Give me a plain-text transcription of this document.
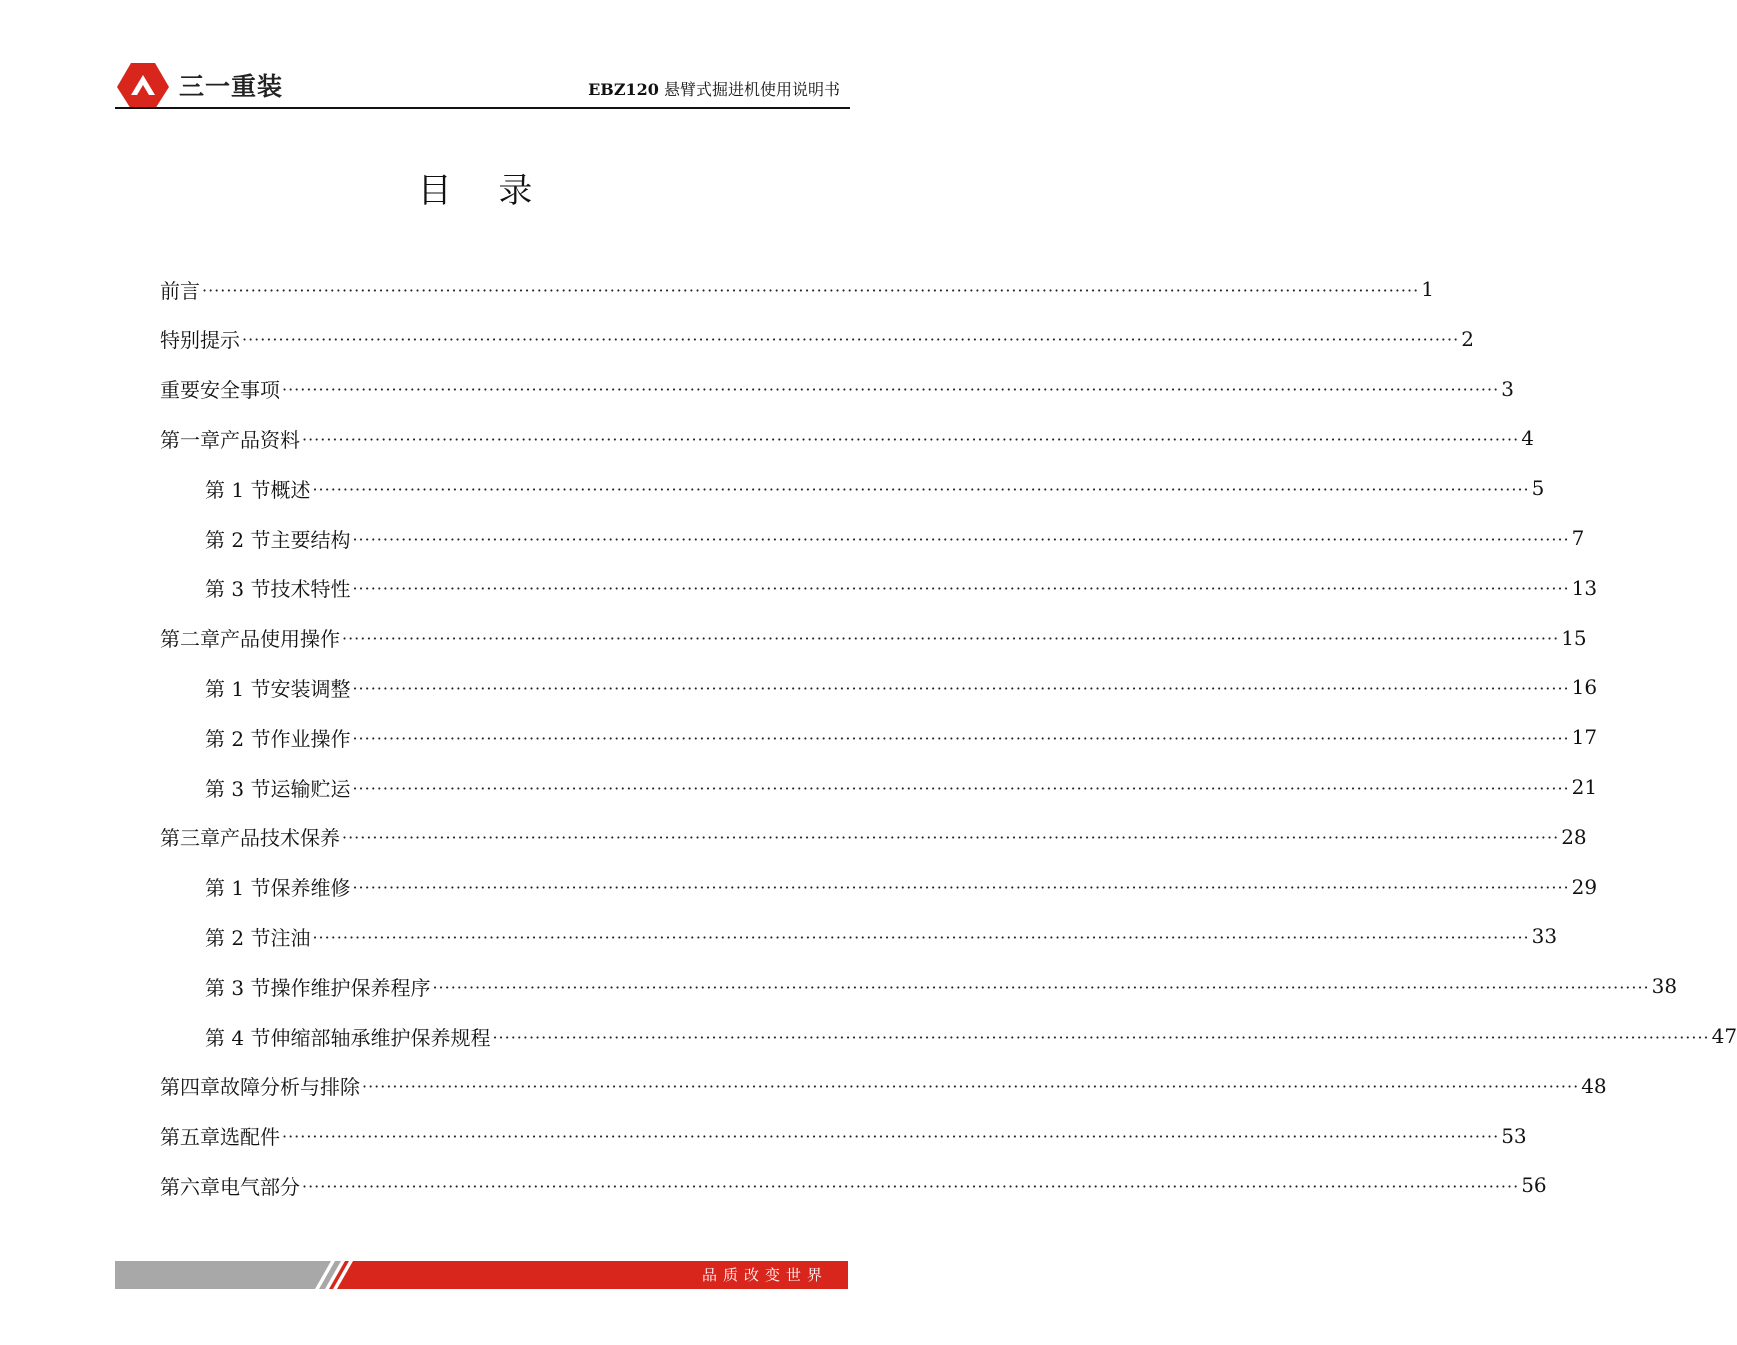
三一重装	EBZ120 悬臂式掘进机使用说明书
目 录
前言 ········································································································································································································ 1
特别提示 ········································································································································································································ 2
重要安全事项 ········································································································································································································ 3
第一章 产品资料 ········································································································································································································ 4
第 1 节 概述 ········································································································································································································ 5
第 2 节 主要结构 ········································································································································································································ 7
第 3 节 技术特性 ········································································································································································································ 13
第二章 产品使用操作 ········································································································································································································ 15
第 1 节 安装调整 ········································································································································································································ 16
第 2 节 作业操作 ········································································································································································································ 17
第 3 节 运输贮运 ········································································································································································································ 21
第三章 产品技术保养 ········································································································································································································ 28
第 1 节 保养维修 ········································································································································································································ 29
第 2 节 注油 ········································································································································································································ 33
第 3 节 操作维护保养程序 ········································································································································································································ 38
第 4 节 伸缩部轴承维护保养规程 ········································································································································································································ 47
第四章 故障分析与排除 ········································································································································································································ 48
第五章 选配件 ········································································································································································································ 53
第六章 电气部分 ········································································································································································································ 56
品质改变世界
